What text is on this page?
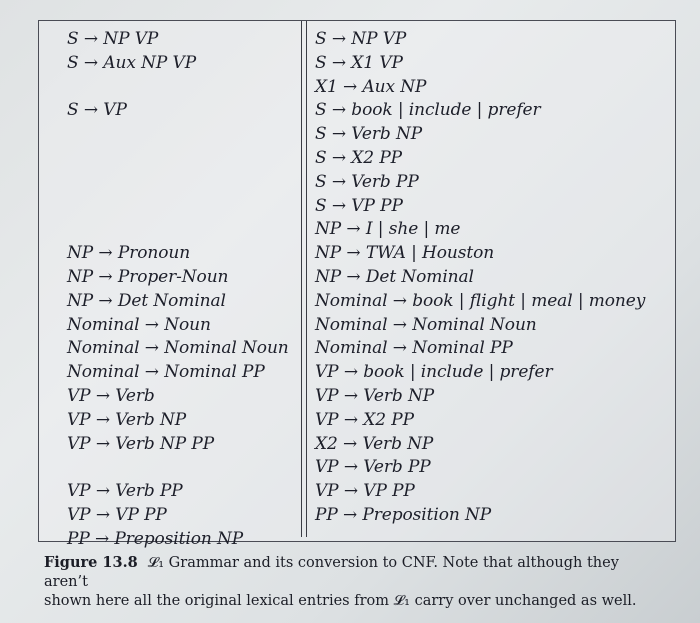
S → NP VP
S → Aux NP VP
S → VP
NP → Pronoun
NP → Proper-Noun
NP → Det Nominal
Nominal → Noun
Nominal → Nominal Noun
Nominal → Nominal PP
VP → Verb
VP → Verb NP
VP → Verb NP PP
VP → Verb PP
VP → VP PP
PP → Preposition NP
S → NP VP
S → X1 VP
X1 → Aux NP
S → book | include | prefer
S → Verb NP
S → X2 PP
S → Verb PP
S → VP PP
NP → I | she | me
NP → TWA | Houston
NP → Det Nominal
Nominal → book | flight | meal | money
Nominal → Nominal Noun
Nominal → Nominal PP
VP → book | include | prefer
VP → Verb NP
VP → X2 PP
X2 → Verb NP
VP → Verb PP
VP → VP PP
PP → Preposition NP
Figure 13.8 𝓛₁ Grammar and its conversion to CNF. Note that although they aren’t
shown here all the original lexical entries from 𝓛₁ carry over unchanged as well.
